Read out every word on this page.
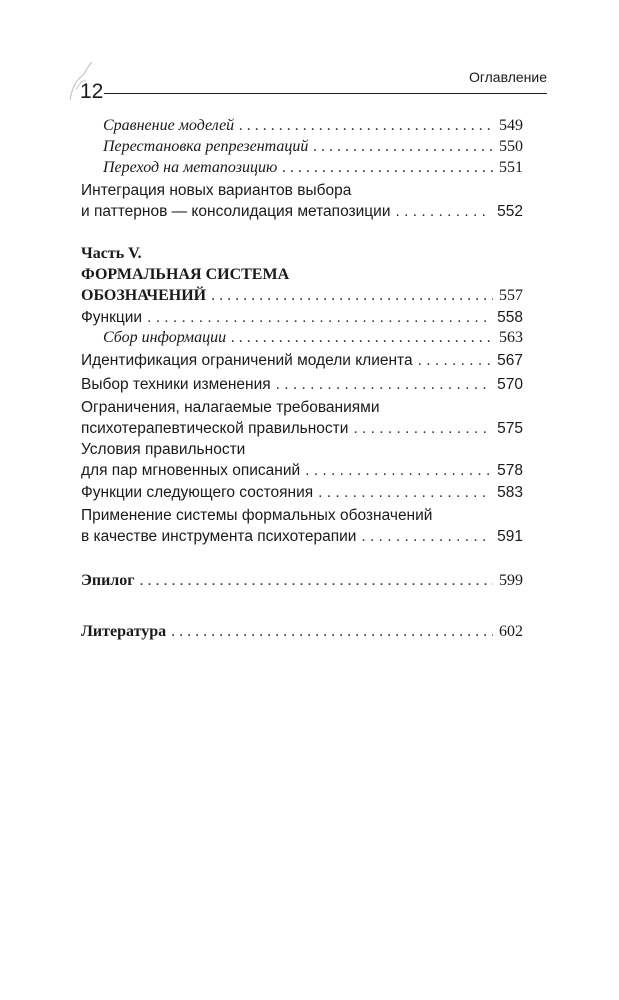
12
Оглавление
Сравнение моделей . . .	549
Перестановка репрезентаций . . .	550
Переход на метапозицию . . .	551
Интеграция новых вариантов выбора
и паттернов — консолидация метапозиции . . .	552
Часть V.
ФОРМАЛЬНАЯ СИСТЕМА
ОБОЗНАЧЕНИЙ . . .	557
Функции . . .	558
Сбор информации . . .	563
Идентификация ограничений модели клиента . . .	567
Выбор техники изменения . . .	570
Ограничения, налагаемые требованиями
психотерапевтической правильности . . .	575
Условия правильности
для пар мгновенных описаний . . .	578
Функции следующего состояния . . .	583
Применение системы формальных обозначений
в качестве инструмента психотерапии . . .	591
Эпилог . . .	599
Литература . . .	602
